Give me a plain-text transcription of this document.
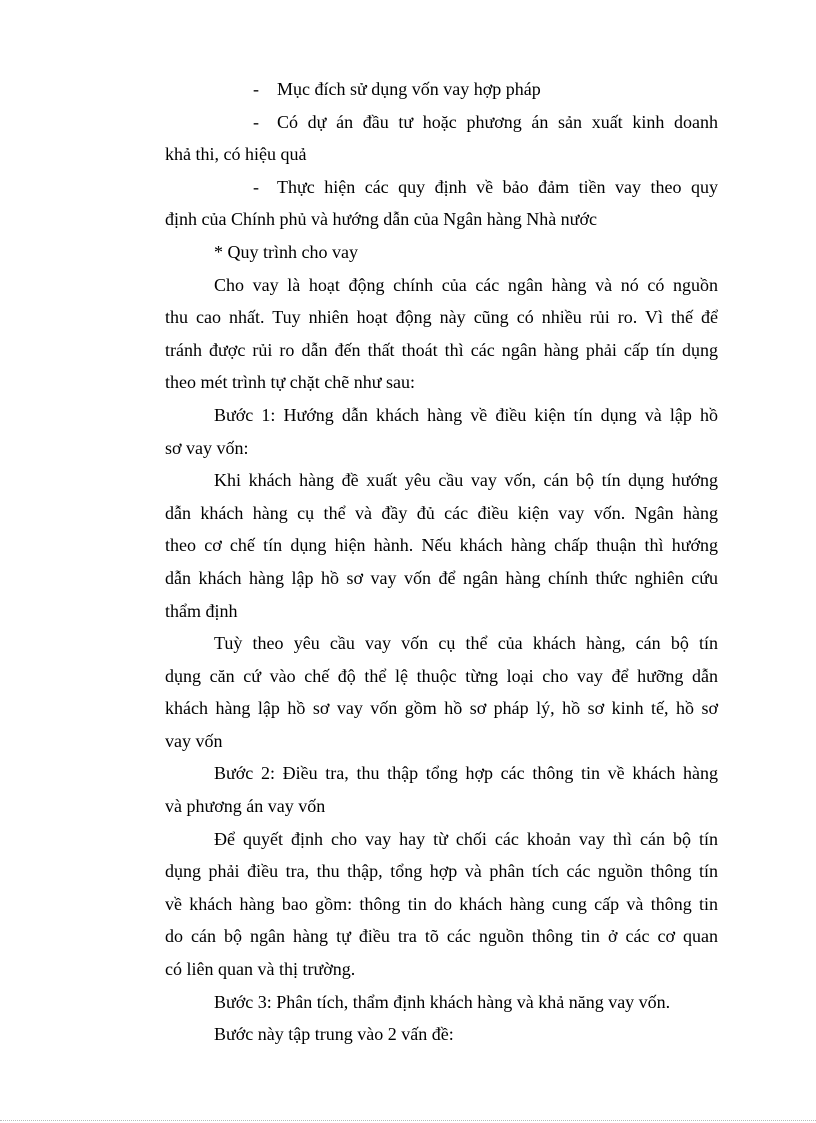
-	Mục đích sử dụng vốn vay hợp pháp
-	Có dự án đầu tư hoặc phương án sản xuất kinh doanh
khả thi, có hiệu quả
-	Thực hiện các quy định về bảo đảm tiền vay theo quy
định của Chính phủ và hướng dẫn của Ngân hàng Nhà nước
* Quy trình cho vay
Cho vay là hoạt động chính của các ngân hàng và nó có nguồn
thu cao nhất. Tuy nhiên hoạt động này cũng có nhiều rủi ro. Vì thế để
tránh được rủi ro dẫn đến thất thoát thì các ngân hàng phải cấp tín dụng
theo mét trình tự chặt chẽ như sau:
Bước 1: Hướng dẫn khách hàng về điều kiện tín dụng và lập hồ
sơ vay vốn:
Khi khách hàng đề xuất yêu cầu vay vốn, cán bộ tín dụng hướng
dẫn khách hàng cụ thể và đầy đủ các điều kiện vay vốn. Ngân hàng
theo cơ chế tín dụng hiện hành. Nếu khách hàng chấp thuận thì hướng
dẫn khách hàng lập hồ sơ vay vốn để ngân hàng chính thức nghiên cứu
thẩm định
Tuỳ theo yêu cầu vay vốn cụ thể của khách hàng, cán bộ tín
dụng căn cứ vào chế độ thể lệ thuộc từng loại cho vay để hưỡng dẫn
khách hàng lập hồ sơ vay vốn gồm hồ sơ pháp lý, hồ sơ kinh tế, hồ sơ
vay vốn
Bước 2: Điều tra, thu thập tổng hợp các thông tin về khách hàng
và phương án vay vốn
Để quyết định cho vay hay từ chối các khoản vay thì cán bộ tín
dụng phải điều tra, thu thập, tổng hợp và phân tích các nguồn thông tín
về khách hàng bao gồm: thông tin do khách hàng cung cấp và thông tin
do cán bộ ngân hàng tự điều tra tõ các nguồn thông tin ở các cơ quan
có liên quan và thị trường.
Bước 3: Phân tích, thẩm định khách hàng và khả năng vay vốn.
Bước này tập trung vào 2 vấn đề:
